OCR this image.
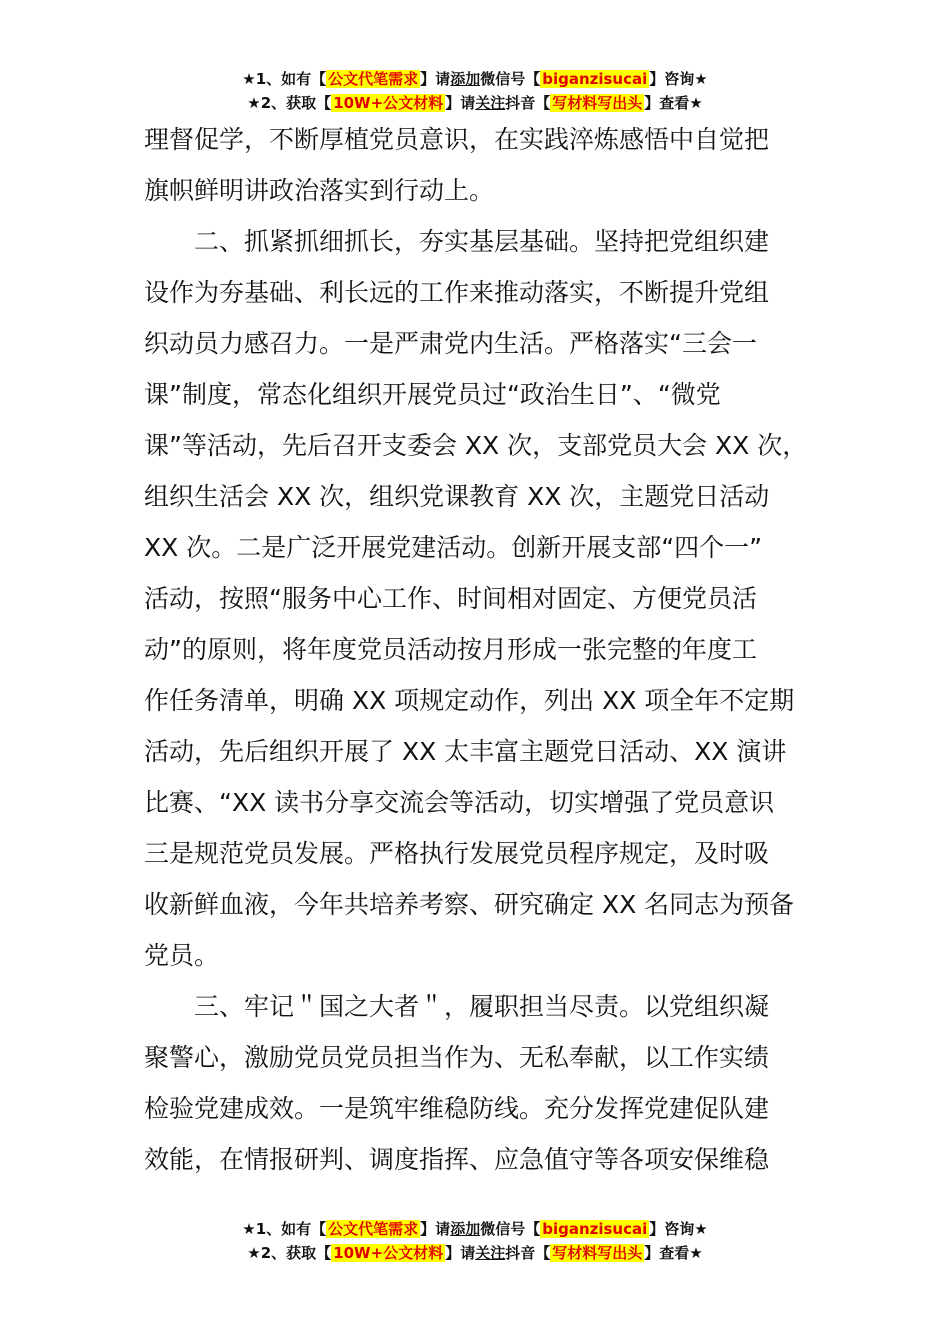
★1、如有【 公文代笔需求 】请添加微信号【 biganzisucai 】咨询★
★2、获取【 10W+公文材料 】请关注抖音【 写材料写出头 】查看★
理督促学，不断厚植党员意识，在实践淬炼感悟中自觉把
旗帜鲜明讲政治落实到行动上。
二、抓紧抓细抓长，夯实基层基础。坚持把党组织建
设作为夯基础、利长远的工作来推动落实，不断提升党组
织动员力感召力。一是严肃党内生活。严格落实“三会一
课”制度，常态化组织开展党员过“政治生日”、“微党
课”等活动，先后召开支委会 XX 次，支部党员大会 XX 次，
组织生活会 XX 次，组织党课教育 XX 次，主题党日活动
XX 次。二是广泛开展党建活动。创新开展支部“四个一”
活动，按照“服务中心工作、时间相对固定、方便党员活
动”的原则，将年度党员活动按月形成一张完整的年度工
作任务清单，明确 XX 项规定动作，列出 XX 项全年不定期
活动，先后组织开展了 XX 太丰富主题党日活动、XX 演讲
比赛、“XX 读书分享交流会等活动，切实增强了党员意识
三是规范党员发展。严格执行发展党员程序规定，及时吸
收新鲜血液，今年共培养考察、研究确定 XX 名同志为预备
党员。
三、牢记＂国之大者＂，履职担当尽责。以党组织凝
聚警心，激励党员党员担当作为、无私奉献，以工作实绩
检验党建成效。一是筑牢维稳防线。充分发挥党建促队建
效能，在情报研判、调度指挥、应急值守等各项安保维稳
★1、如有【 公文代笔需求 】请添加微信号【 biganzisucai 】咨询★
★2、获取【 10W+公文材料 】请关注抖音【 写材料写出头 】查看★
